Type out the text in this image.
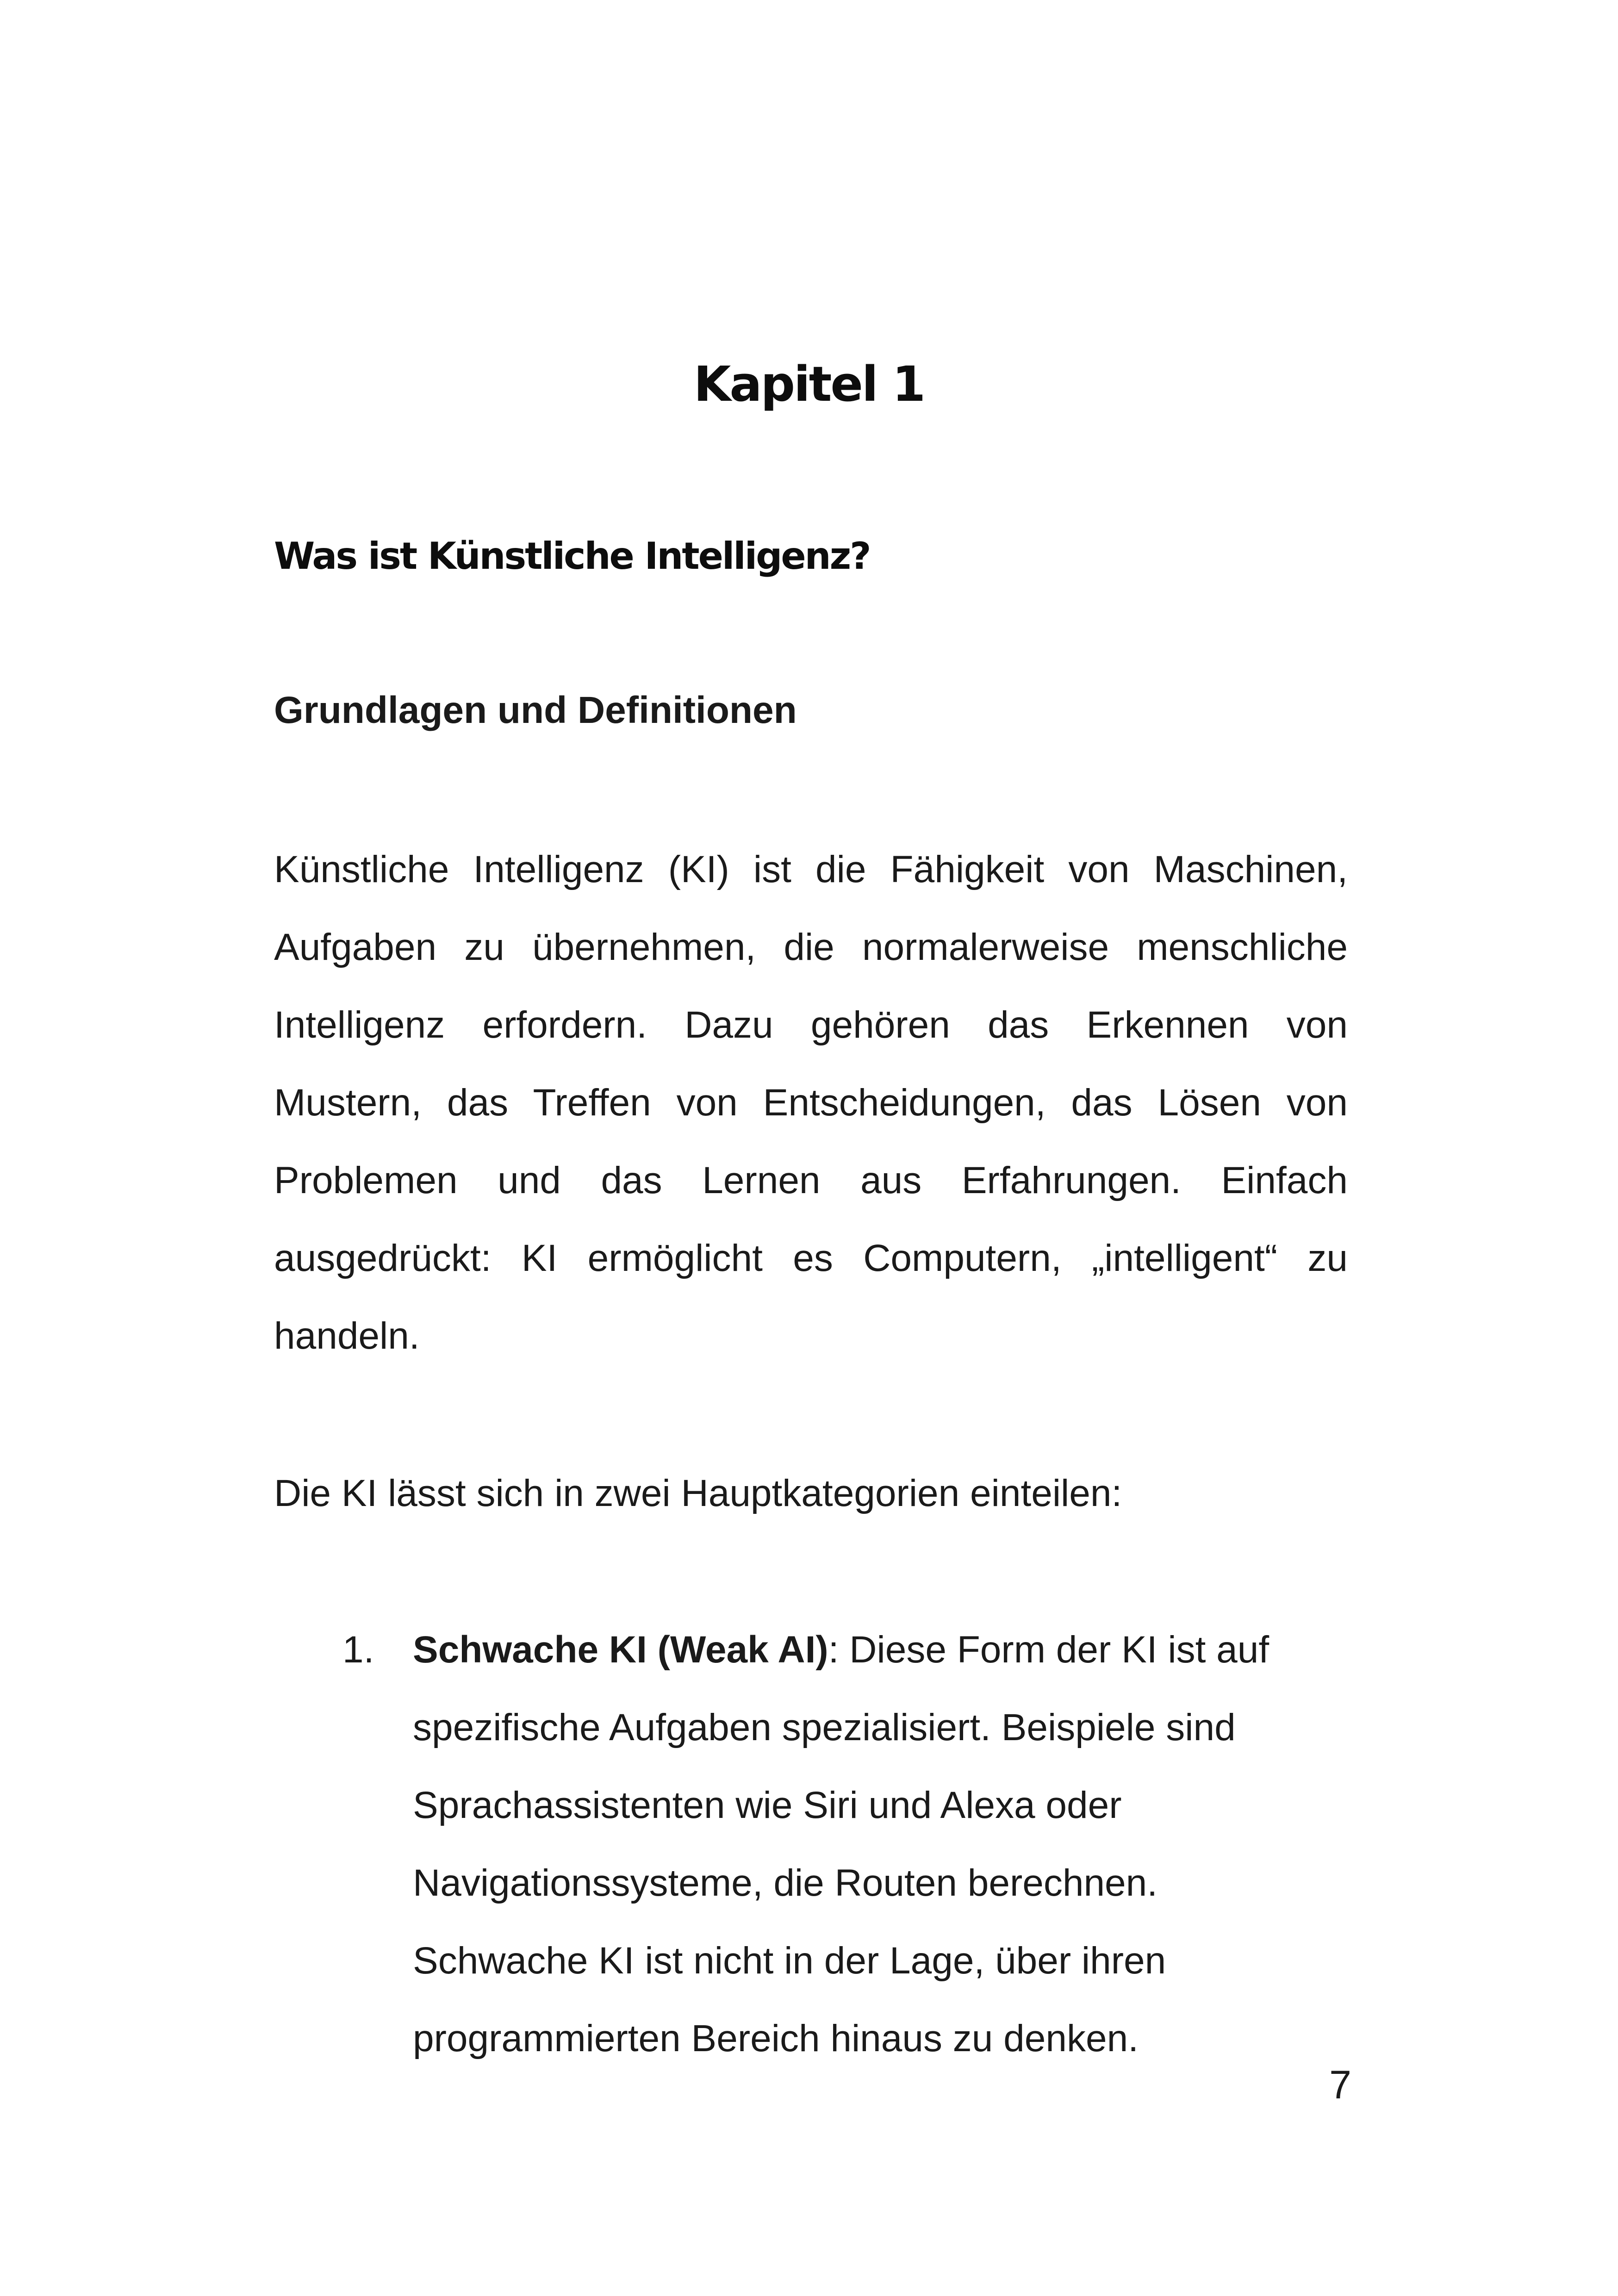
Kapitel 1
Was ist Künstliche Intelligenz?
Grundlagen und Definitionen
Künstliche Intelligenz (KI) ist die Fähigkeit von Maschinen,
Aufgaben zu übernehmen, die normalerweise menschliche
Intelligenz erfordern. Dazu gehören das Erkennen von
Mustern, das Treffen von Entscheidungen, das Lösen von
Problemen und das Lernen aus Erfahrungen. Einfach
ausgedrückt: KI ermöglicht es Computern, „intelligent“ zu
handeln.
Die KI lässt sich in zwei Hauptkategorien einteilen:
1. Schwache KI (Weak AI): Diese Form der KI ist auf
spezifische Aufgaben spezialisiert. Beispiele sind
Sprachassistenten wie Siri und Alexa oder
Navigationssysteme, die Routen berechnen.
Schwache KI ist nicht in der Lage, über ihren
programmierten Bereich hinaus zu denken.
7
